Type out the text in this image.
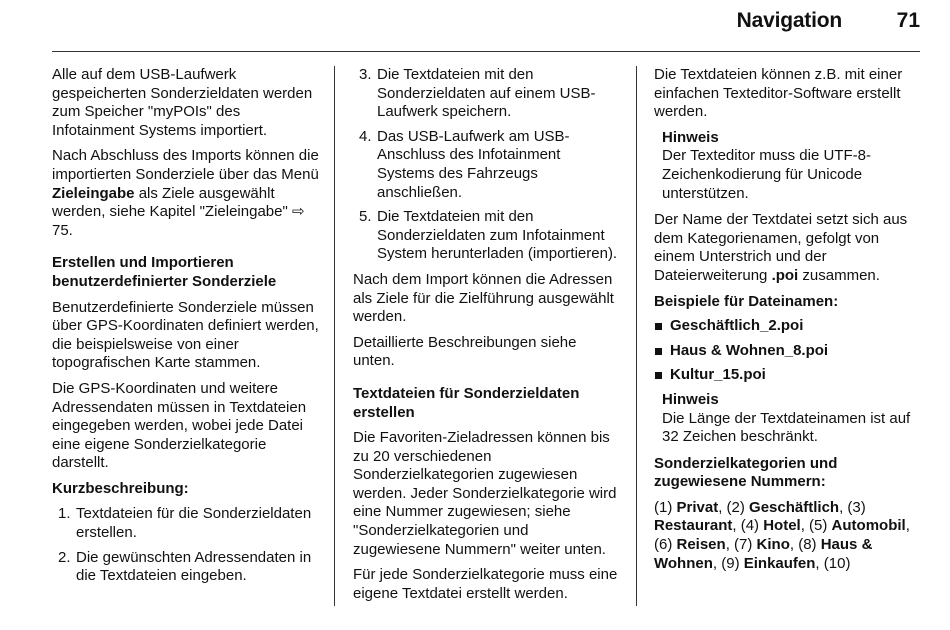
Navigation	71

Alle auf dem USB-Laufwerk gespeicherten Sonderzieldaten werden zum Speicher "myPOIs" des Infotainment Systems importiert.

Nach Abschluss des Imports können die importierten Sonderziele über das Menü Zieleingabe als Ziele ausgewählt werden, siehe Kapitel "Zieleingabe" ⇨ 75.

Erstellen und Importieren benutzerdefinierter Sonderziele

Benutzerdefinierte Sonderziele müssen über GPS-Koordinaten definiert werden, die beispielsweise von einer topografischen Karte stammen.

Die GPS-Koordinaten und weitere Adressendaten müssen in Textdateien eingegeben werden, wobei jede Datei eine eigene Sonderzielkategorie darstellt.

Kurzbeschreibung:

1. Textdateien für die Sonderzieldaten erstellen.
2. Die gewünschten Adressendaten in die Textdateien eingeben.
3. Die Textdateien mit den Sonderzieldaten auf einem USB-Laufwerk speichern.
4. Das USB-Laufwerk am USB-Anschluss des Infotainment Systems des Fahrzeugs anschließen.
5. Die Textdateien mit den Sonderzieldaten zum Infotainment System herunterladen (importieren).

Nach dem Import können die Adressen als Ziele für die Zielführung ausgewählt werden.

Detaillierte Beschreibungen siehe unten.

Textdateien für Sonderzieldaten erstellen

Die Favoriten-Zieladressen können bis zu 20 verschiedenen Sonderzielkategorien zugewiesen werden. Jeder Sonderzielkategorie wird eine Nummer zugewiesen; siehe "Sonderzielkategorien und zugewiesene Nummern" weiter unten.

Für jede Sonderzielkategorie muss eine eigene Textdatei erstellt werden.

Die Textdateien können z.B. mit einer einfachen Texteditor-Software erstellt werden.

Hinweis
Der Texteditor muss die UTF-8-Zeichenkodierung für Unicode unterstützen.

Der Name der Textdatei setzt sich aus dem Kategorienamen, gefolgt von einem Unterstrich und der Dateierweiterung .poi zusammen.

Beispiele für Dateinamen:

Geschäftlich_2.poi
Haus & Wohnen_8.poi
Kultur_15.poi
Hinweis
Die Länge der Textdateinamen ist auf 32 Zeichen beschränkt.

Sonderzielkategorien und zugewiesene Nummern:

(1) Privat, (2) Geschäftlich, (3) Restaurant, (4) Hotel, (5) Automobil, (6) Reisen, (7) Kino, (8) Haus & Wohnen, (9) Einkaufen, (10)
